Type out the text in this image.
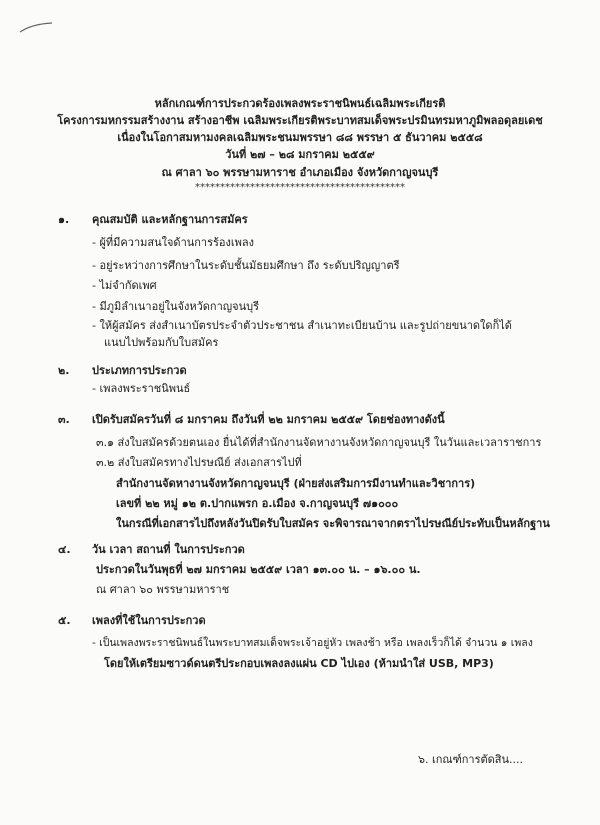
หลักเกณฑ์การประกวดร้องเพลงพระราชนิพนธ์เฉลิมพระเกียรติ
โครงการมหกรรมสร้างงาน สร้างอาชีพ เฉลิมพระเกียรติพระบาทสมเด็จพระปรมินทรมหาภูมิพลอดุลยเดช
เนื่องในโอกาสมหามงคลเฉลิมพระชนมพรรษา ๘๘ พรรษา ๕ ธันวาคม ๒๕๕๘
วันที่ ๒๗ – ๒๘ มกราคม ๒๕๕๙
ณ ศาลา ๖๐ พรรษามหาราช อำเภอเมือง จังหวัดกาญจนบุรี
******************************************
๑. คุณสมบัติ และหลักฐานการสมัคร
- ผู้ที่มีความสนใจด้านการร้องเพลง
- อยู่ระหว่างการศึกษาในระดับชั้นมัธยมศึกษา ถึง ระดับปริญญาตรี
- ไม่จำกัดเพศ
- มีภูมิลำเนาอยู่ในจังหวัดกาญจนบุรี
- ให้ผู้สมัคร ส่งสำเนาบัตรประจำตัวประชาชน สำเนาทะเบียนบ้าน และรูปถ่ายขนาดใดก็ได้
แนบไปพร้อมกับใบสมัคร
๒. ประเภทการประกวด
- เพลงพระราชนิพนธ์
๓. เปิดรับสมัครวันที่ ๘ มกราคม ถึงวันที่ ๒๒ มกราคม ๒๕๕๙ โดยช่องทางดังนี้
๓.๑ ส่งใบสมัครด้วยตนเอง ยื่นได้ที่สำนักงานจัดหางานจังหวัดกาญจนบุรี ในวันและเวลาราชการ
๓.๒ ส่งใบสมัครทางไปรษณีย์ ส่งเอกสารไปที่
สำนักงานจัดหางานจังหวัดกาญจนบุรี (ฝ่ายส่งเสริมการมีงานทำและวิชาการ)
เลขที่ ๒๒ หมู่ ๑๒ ต.ปากแพรก อ.เมือง จ.กาญจนบุรี ๗๑๐๐๐
ในกรณีที่เอกสารไปถึงหลังวันปิดรับใบสมัคร จะพิจารณาจากตราไปรษณีย์ประทับเป็นหลักฐาน
๔. วัน เวลา สถานที่ ในการประกวด
ประกวดในวันพุธที่ ๒๗ มกราคม ๒๕๕๙ เวลา ๑๓.๐๐ น. – ๑๖.๐๐ น.
ณ ศาลา ๖๐ พรรษามหาราช
๕. เพลงที่ใช้ในการประกวด
- เป็นเพลงพระราชนิพนธ์ในพระบาทสมเด็จพระเจ้าอยู่หัว เพลงช้า หรือ เพลงเร็วก็ได้ จำนวน ๑ เพลง
โดยให้เตรียมซาวด์ดนตรีประกอบเพลงลงแผ่น CD ไปเอง (ห้ามนำใส่ USB, MP3)
๖. เกณฑ์การตัดสิน....
